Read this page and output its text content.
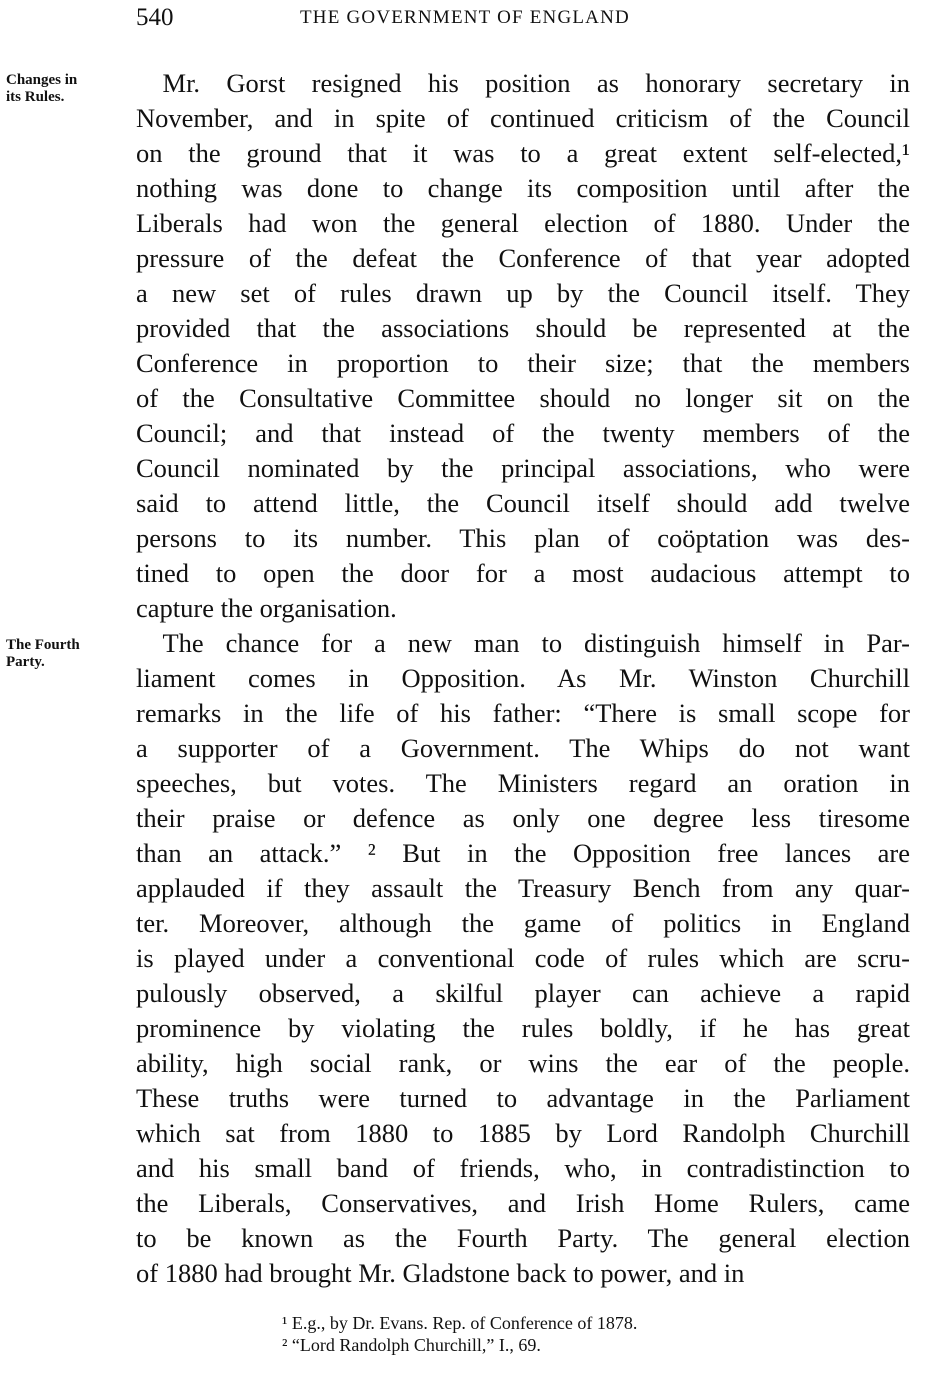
540	THE GOVERNMENT OF ENGLAND
Changes in
its Rules.
The Fourth
Party.
 Mr. Gorst resigned his position as honorary secretary in
November, and in spite of continued criticism of the Council
on the ground that it was to a great extent self-elected,¹
nothing was done to change its composition until after the
Liberals had won the general election of 1880. Under the
pressure of the defeat the Conference of that year adopted
a new set of rules drawn up by the Council itself. They
provided that the associations should be represented at the
Conference in proportion to their size; that the members
of the Consultative Committee should no longer sit on the
Council; and that instead of the twenty members of the
Council nominated by the principal associations, who were
said to attend little, the Council itself should add twelve
persons to its number. This plan of coöptation was des-
tined to open the door for a most audacious attempt to
capture the organisation.
 The chance for a new man to distinguish himself in Par-
liament comes in Opposition. As Mr. Winston Churchill
remarks in the life of his father: “There is small scope for
a supporter of a Government. The Whips do not want
speeches, but votes. The Ministers regard an oration in
their praise or defence as only one degree less tiresome
than an attack.” ² But in the Opposition free lances are
applauded if they assault the Treasury Bench from any quar-
ter. Moreover, although the game of politics in England
is played under a conventional code of rules which are scru-
pulously observed, a skilful player can achieve a rapid
prominence by violating the rules boldly, if he has great
ability, high social rank, or wins the ear of the people.
These truths were turned to advantage in the Parliament
which sat from 1880 to 1885 by Lord Randolph Churchill
and his small band of friends, who, in contradistinction to
the Liberals, Conservatives, and Irish Home Rulers, came
to be known as the Fourth Party. The general election
of 1880 had brought Mr. Gladstone back to power, and in
¹ E.g., by Dr. Evans. Rep. of Conference of 1878.
² “Lord Randolph Churchill,” I., 69.
